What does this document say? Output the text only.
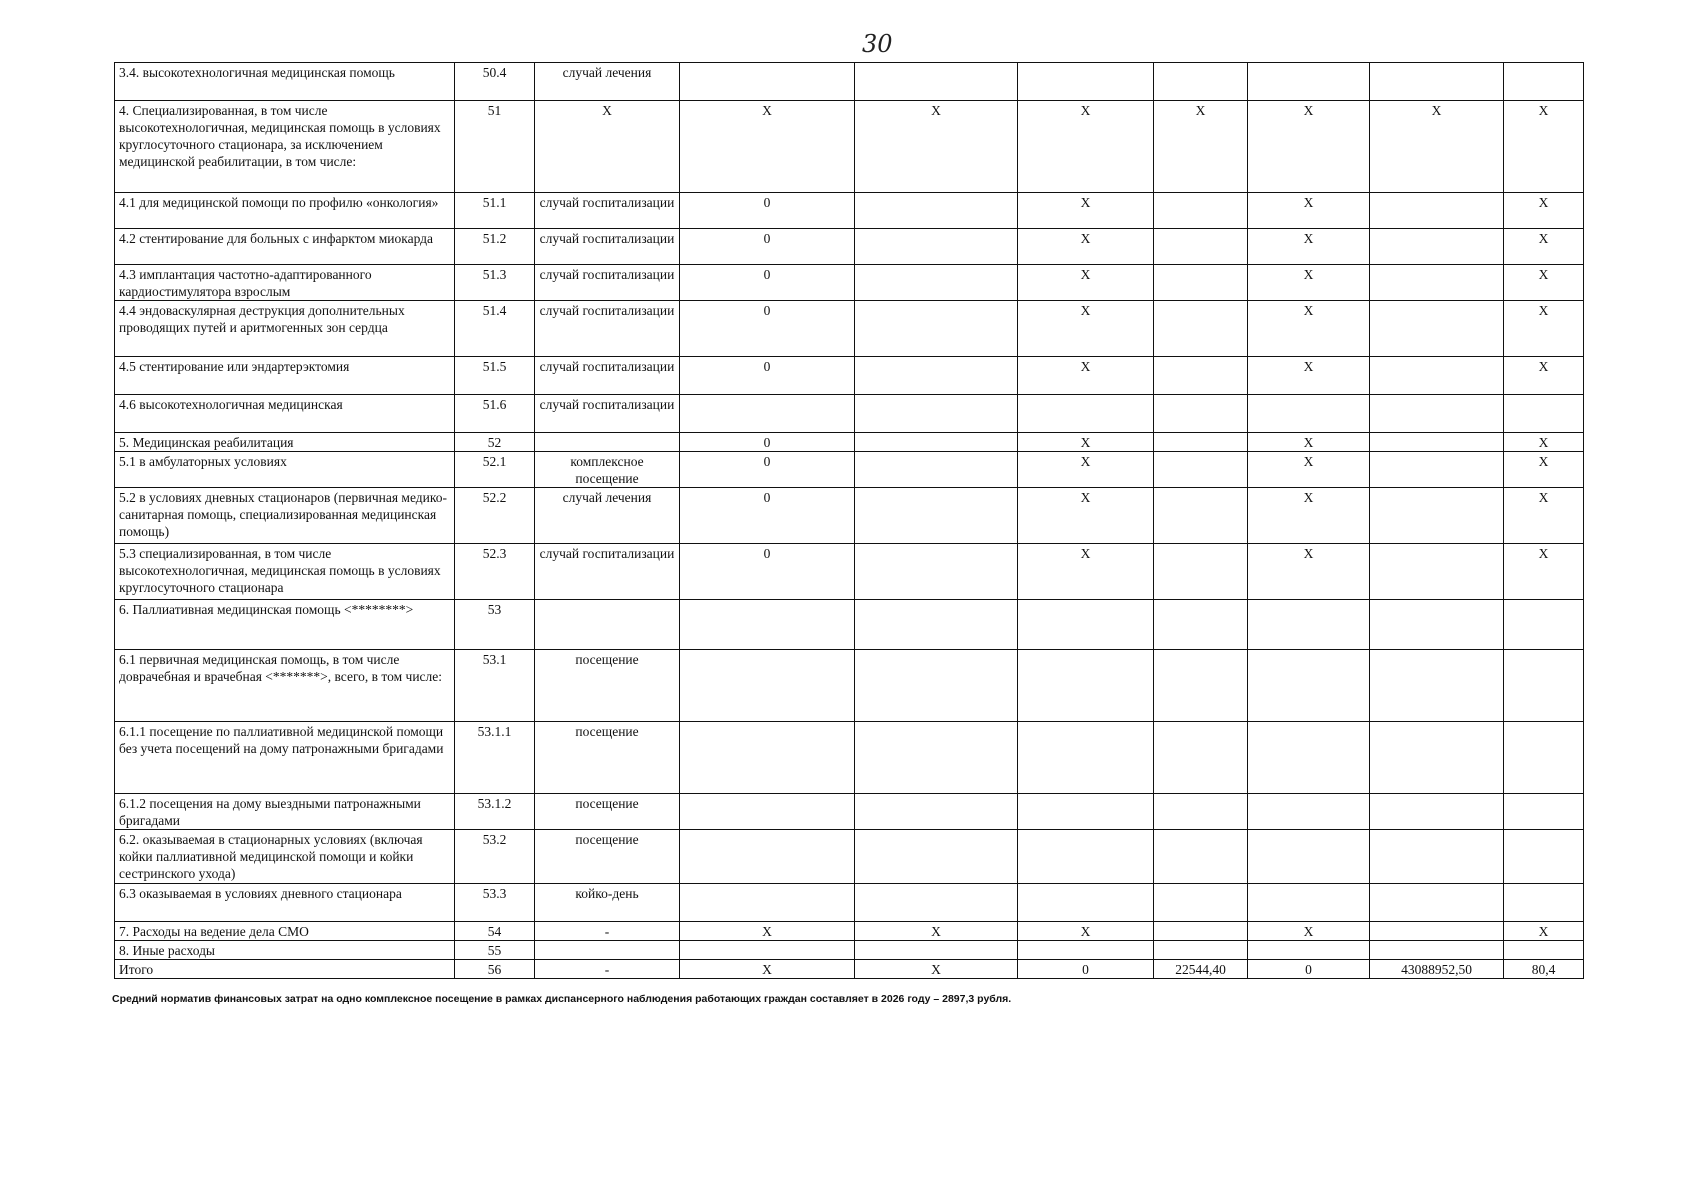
30
3.4. высокотехнологичная медицинская помощь	50.4	случай лечения							
4. Специализированная, в том числе высокотехнологичная, медицинская помощь в условиях круглосуточного стационара, за исключением медицинской реабилитации, в том числе:	51	X	X	X	X	X	X	X	X
4.1 для медицинской помощи по профилю «онкология»	51.1	случай госпитализации	0		X		X		X
4.2 стентирование для больных с инфарктом миокарда	51.2	случай госпитализации	0		X		X		X
4.3 имплантация частотно-адаптированного кардиостимулятора взрослым	51.3	случай госпитализации	0		X		X		X
4.4 эндоваскулярная деструкция дополнительных проводящих путей и аритмогенных зон сердца	51.4	случай госпитализации	0		X		X		X
4.5 стентирование или эндартерэктомия	51.5	случай госпитализации	0		X		X		X
4.6 высокотехнологичная медицинская	51.6	случай госпитализации							
5. Медицинская реабилитация	52		0		X		X		X
5.1 в амбулаторных условиях	52.1	комплексное посещение	0		X		X		X
5.2 в условиях дневных стационаров (первичная медико-санитарная помощь, специализированная медицинская помощь)	52.2	случай лечения	0		X		X		X
5.3 специализированная, в том числе высокотехнологичная, медицинская помощь в условиях круглосуточного стационара	52.3	случай госпитализации	0		X		X		X
6. Паллиативная медицинская помощь <********>	53								
6.1 первичная медицинская помощь, в том числе доврачебная и врачебная <*******>, всего, в том числе:	53.1	посещение							
6.1.1 посещение по паллиативной медицинской помощи без учета посещений на дому патронажными бригадами	53.1.1	посещение							
6.1.2 посещения на дому выездными патронажными бригадами	53.1.2	посещение							
6.2. оказываемая в стационарных условиях (включая койки паллиативной медицинской помощи и койки сестринского ухода)	53.2	посещение							
6.3 оказываемая в условиях дневного стационара	53.3	койко-день							
7. Расходы на ведение дела СМО	54	-	X	X	X		X		X
8. Иные расходы	55								
Итого	56	-	X	X	0	22544,40	0	43088952,50	80,4
Средний норматив финансовых затрат на одно комплексное посещение в рамках диспансерного наблюдения работающих граждан составляет в 2026 году – 2897,3 рубля.
